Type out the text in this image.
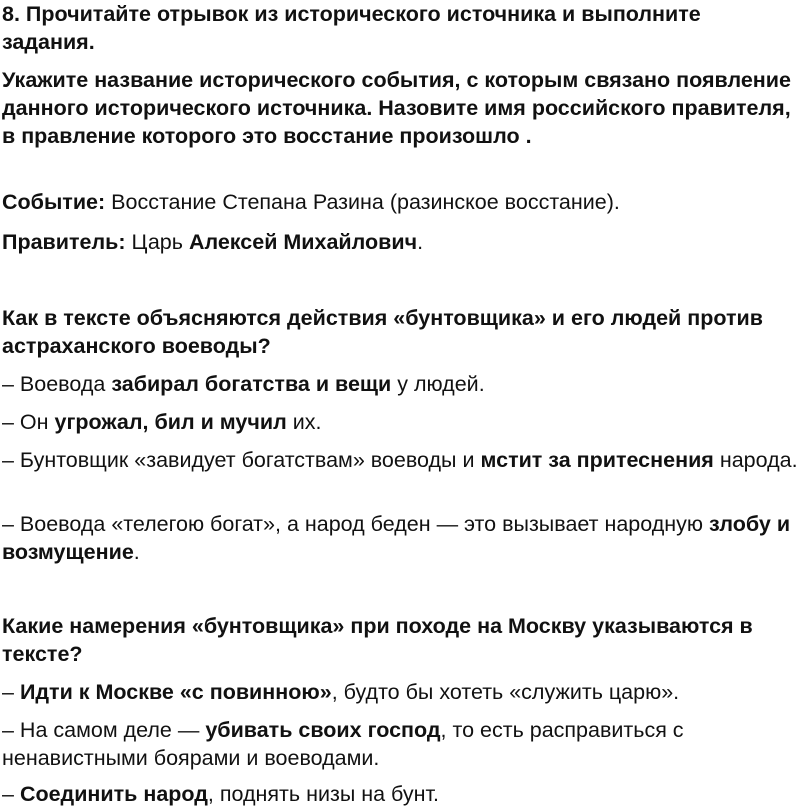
8. Прочитайте отрывок из исторического источника и выполните задания.

Укажите название исторического события, с которым связано появление данного исторического источника. Назовите имя российского правителя, в правление которого это восстание произошло .

Событие: Восстание Степана Разина (разинское восстание).

Правитель: Царь Алексей Михайлович.

Как в тексте объясняются действия «бунтовщика» и его людей против астраханского воеводы?

– Воевода забирал богатства и вещи у людей.

– Он угрожал, бил и мучил их.

– Бунтовщик «завидует богатствам» воеводы и мстит за притеснения народа.

– Воевода «телегою богат», а народ беден — это вызывает народную злобу и возмущение.

Какие намерения «бунтовщика» при походе на Москву указываются в тексте?

– Идти к Москве «с повинною», будто бы хотеть «служить царю».

– На самом деле — убивать своих господ, то есть расправиться с ненавистными боярами и воеводами.

– Соединить народ, поднять низы на бунт.
